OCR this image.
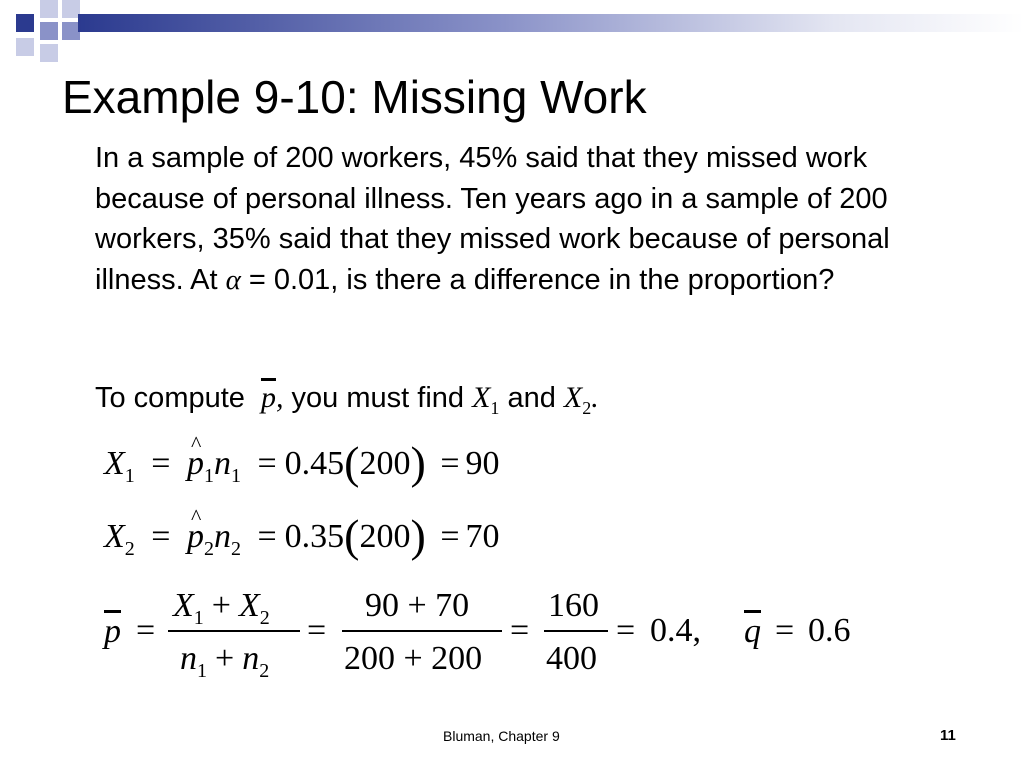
Example 9-10: Missing Work

In a sample of 200 workers, 45% said that they missed work because of personal illness. Ten years ago in a sample of 200 workers, 35% said that they missed work because of personal illness. At α = 0.01, is there a difference in the proportion?

To compute $\overline{p}$, you must find $X_1$ and $X_2$.
$X_1$ = ^ $p_1n_1 = 0.45(200) = 90$
$X_2$ = ^ $p_2n_2 = 0.35(200) = 70$
$\overline{p}$ =
$X_1 + X_2$
$n_1 + n_2$
=
90 + 70
200 + 200
=
160
400
= 0.4, $\overline{q} = 0.6$
Bluman, Chapter 9	11
